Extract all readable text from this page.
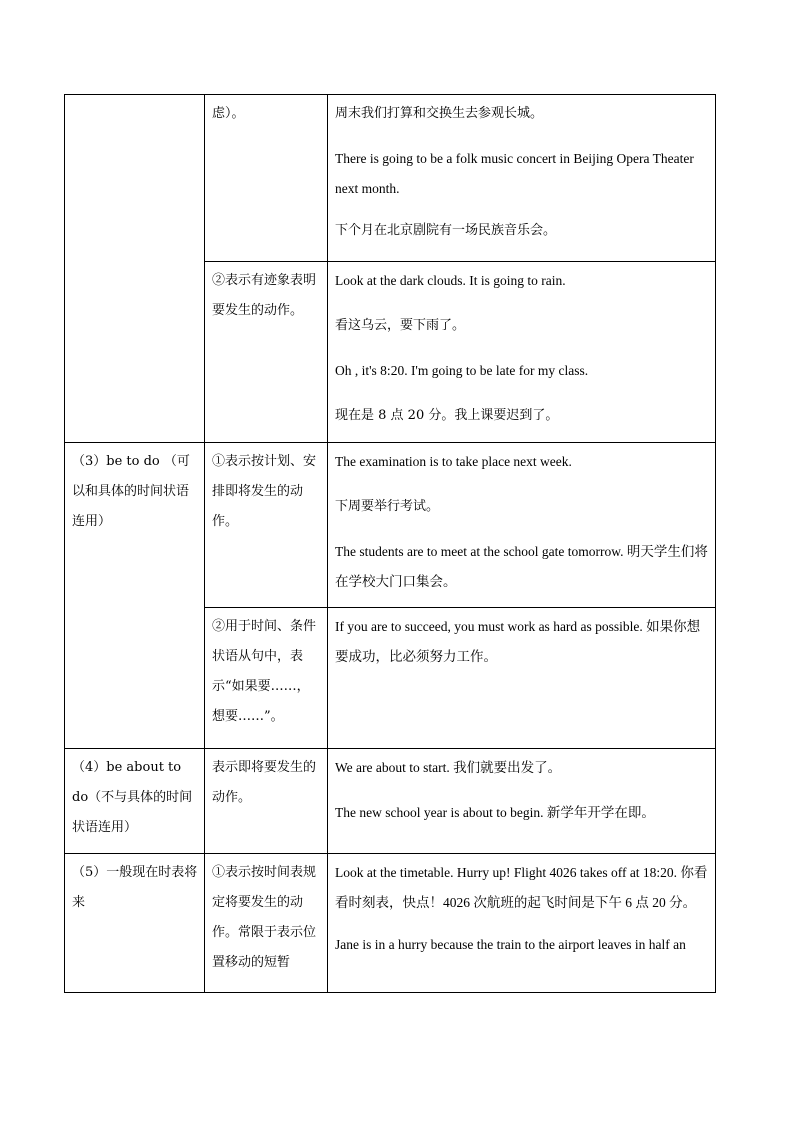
	虑）。	周末我们打算和交换生去参观长城。

There is going to be a folk music concert in Beijing Opera Theater next month.

下个月在北京剧院有一场民族音乐会。

	②表示有迹象表明要发生的动作。	Look at the dark clouds. It is going to rain.

看这乌云，要下雨了。

Oh , it's 8:20. I'm going to be late for my class.

现在是 8 点 20 分。我上课要迟到了。

（3）be to do （可以和具体的时间状语连用）	①表示按计划、安排即将发生的动作。	The examination is to take place next week.

下周要举行考试。

The students are to meet at the school gate tomorrow. 明天学生们将在学校大门口集会。

	②用于时间、条件状语从句中，表示“如果要……，想要……”。	If you are to succeed, you must work as hard as possible. 如果你想要成功，比必须努力工作。

（4）be about to do（不与具体的时间状语连用）	表示即将要发生的动作。	We are about to start. 我们就要出发了。

The new school year is about to begin. 新学年开学在即。

（5）一般现在时表将来	①表示按时间表规定将要发生的动作。常限于表示位置移动的短暂	Look at the timetable. Hurry up! Flight 4026 takes off at 18:20. 你看看时刻表，快点！4026 次航班的起飞时间是下午 6 点 20 分。

Jane is in a hurry because the train to the airport leaves in half an
